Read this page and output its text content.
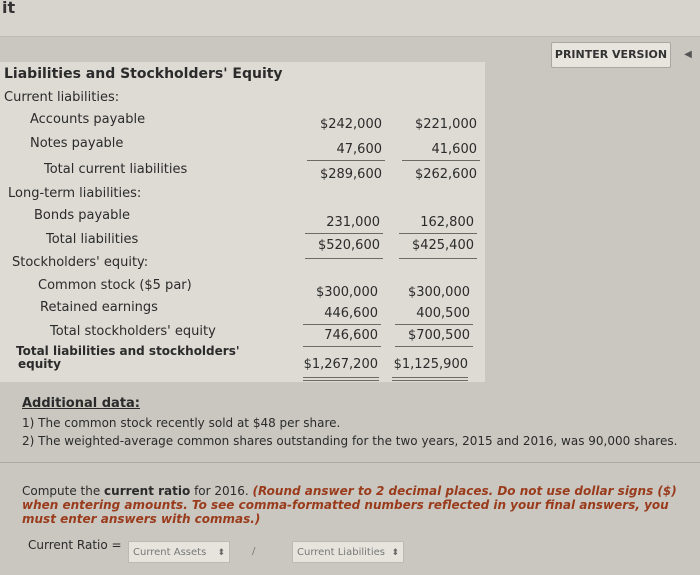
it
PRINTER VERSION	◀
Liabilities and Stockholders' Equity
Current liabilities:
Accounts payable	$242,000	$221,000
Notes payable	47,600	41,600
Total current liabilities	$289,600	$262,600
Long-term liabilities:
Bonds payable	231,000	162,800
Total liabilities	$520,600	$425,400
Stockholders' equity:
Common stock ($5 par)	$300,000	$300,000
Retained earnings	446,600	400,500
Total stockholders' equity	746,600	$700,500
Total liabilities and stockholders'
equity	$1,267,200	$1,125,900
Additional data:
1) The common stock recently sold at $48 per share.
2) The weighted-average common shares outstanding for the two years, 2015 and 2016, was 90,000 shares.
Compute the current ratio for 2016. (Round answer to 2 decimal places. Do not use dollar signs ($) when entering amounts. To see comma-formatted numbers reflected in your final answers, you must enter answers with commas.)
Current Ratio =
Current Assets ⬍	/	Current Liabilities ⬍
